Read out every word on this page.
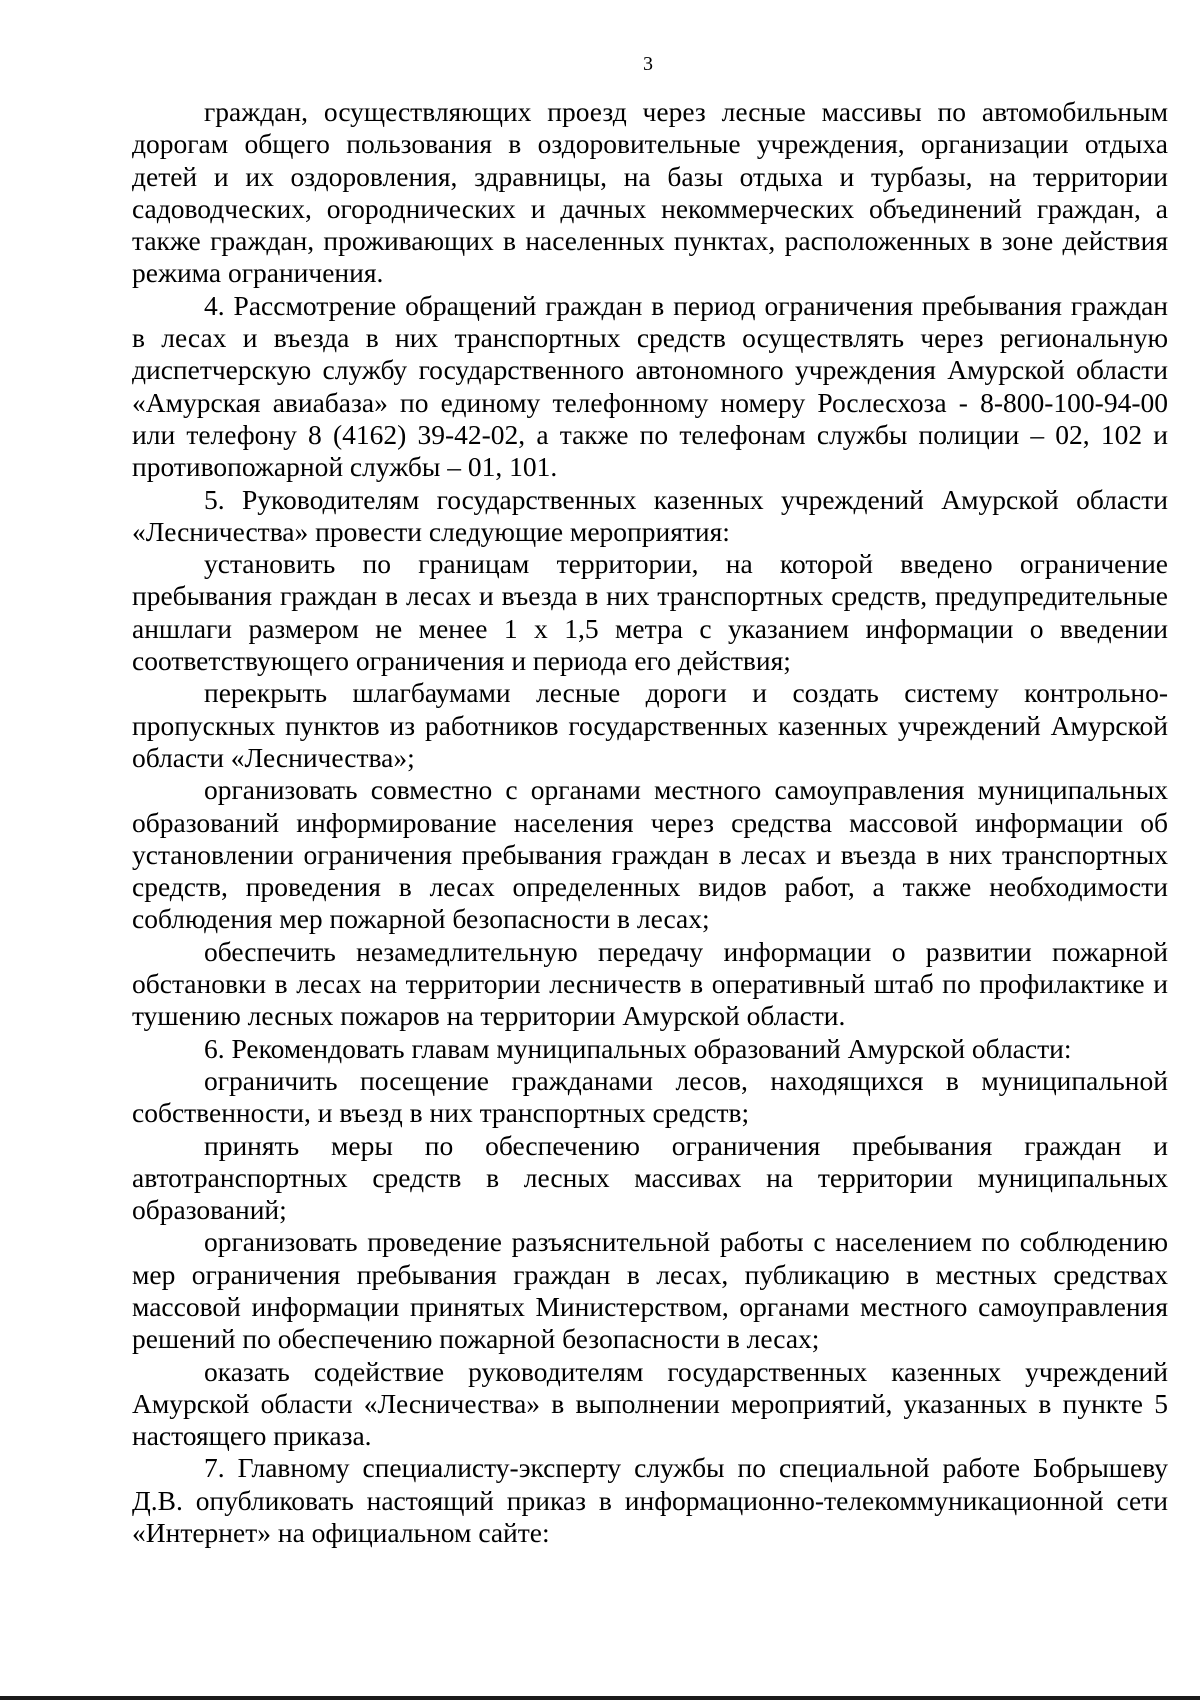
3

граждан, осуществляющих проезд через лесные массивы по автомобильным дорогам общего пользования в оздоровительные учреждения, организации отдыха детей и их оздоровления, здравницы, на базы отдыха и турбазы, на территории садоводческих, огороднических и дачных некоммерческих объединений граждан, а также граждан, проживающих в населенных пунктах, расположенных в зоне действия режима ограничения.

4. Рассмотрение обращений граждан в период ограничения пребывания граждан в лесах и въезда в них транспортных средств осуществлять через региональную диспетчерскую службу государственного автономного учреждения Амурской области «Амурская авиабаза» по единому телефонному номеру Рослесхоза - 8-800-100-94-00 или телефону 8 (4162) 39-42-02, а также по телефонам службы полиции – 02, 102 и противопожарной службы – 01, 101.

5. Руководителям государственных казенных учреждений Амурской области «Лесничества» провести следующие мероприятия:

установить по границам территории, на которой введено ограничение пребывания граждан в лесах и въезда в них транспортных средств, предупредительные аншлаги размером не менее 1 х 1,5 метра с указанием информации о введении соответствующего ограничения и периода его действия;

перекрыть шлагбаумами лесные дороги и создать систему контрольно-пропускных пунктов из работников государственных казенных учреждений Амурской области «Лесничества»;

организовать совместно с органами местного самоуправления муниципальных образований информирование населения через средства массовой информации об установлении ограничения пребывания граждан в лесах и въезда в них транспортных средств, проведения в лесах определенных видов работ, а также необходимости соблюдения мер пожарной безопасности в лесах;

обеспечить незамедлительную передачу информации о развитии пожарной обстановки в лесах на территории лесничеств в оперативный штаб по профилактике и тушению лесных пожаров на территории Амурской области.

6. Рекомендовать главам муниципальных образований Амурской области:

ограничить посещение гражданами лесов, находящихся в муниципальной собственности, и въезд в них транспортных средств;

принять меры по обеспечению ограничения пребывания граждан и автотранспортных средств в лесных массивах на территории муниципальных образований;

организовать проведение разъяснительной работы с населением по соблюдению мер ограничения пребывания граждан в лесах, публикацию в местных средствах массовой информации принятых Министерством, органами местного самоуправления решений по обеспечению пожарной безопасности в лесах;

оказать содействие руководителям государственных казенных учреждений Амурской области «Лесничества» в выполнении мероприятий, указанных в пункте 5 настоящего приказа.

7. Главному специалисту-эксперту службы по специальной работе Бобрышеву Д.В. опубликовать настоящий приказ в информационно-телекоммуникационной сети «Интернет» на официальном сайте:
